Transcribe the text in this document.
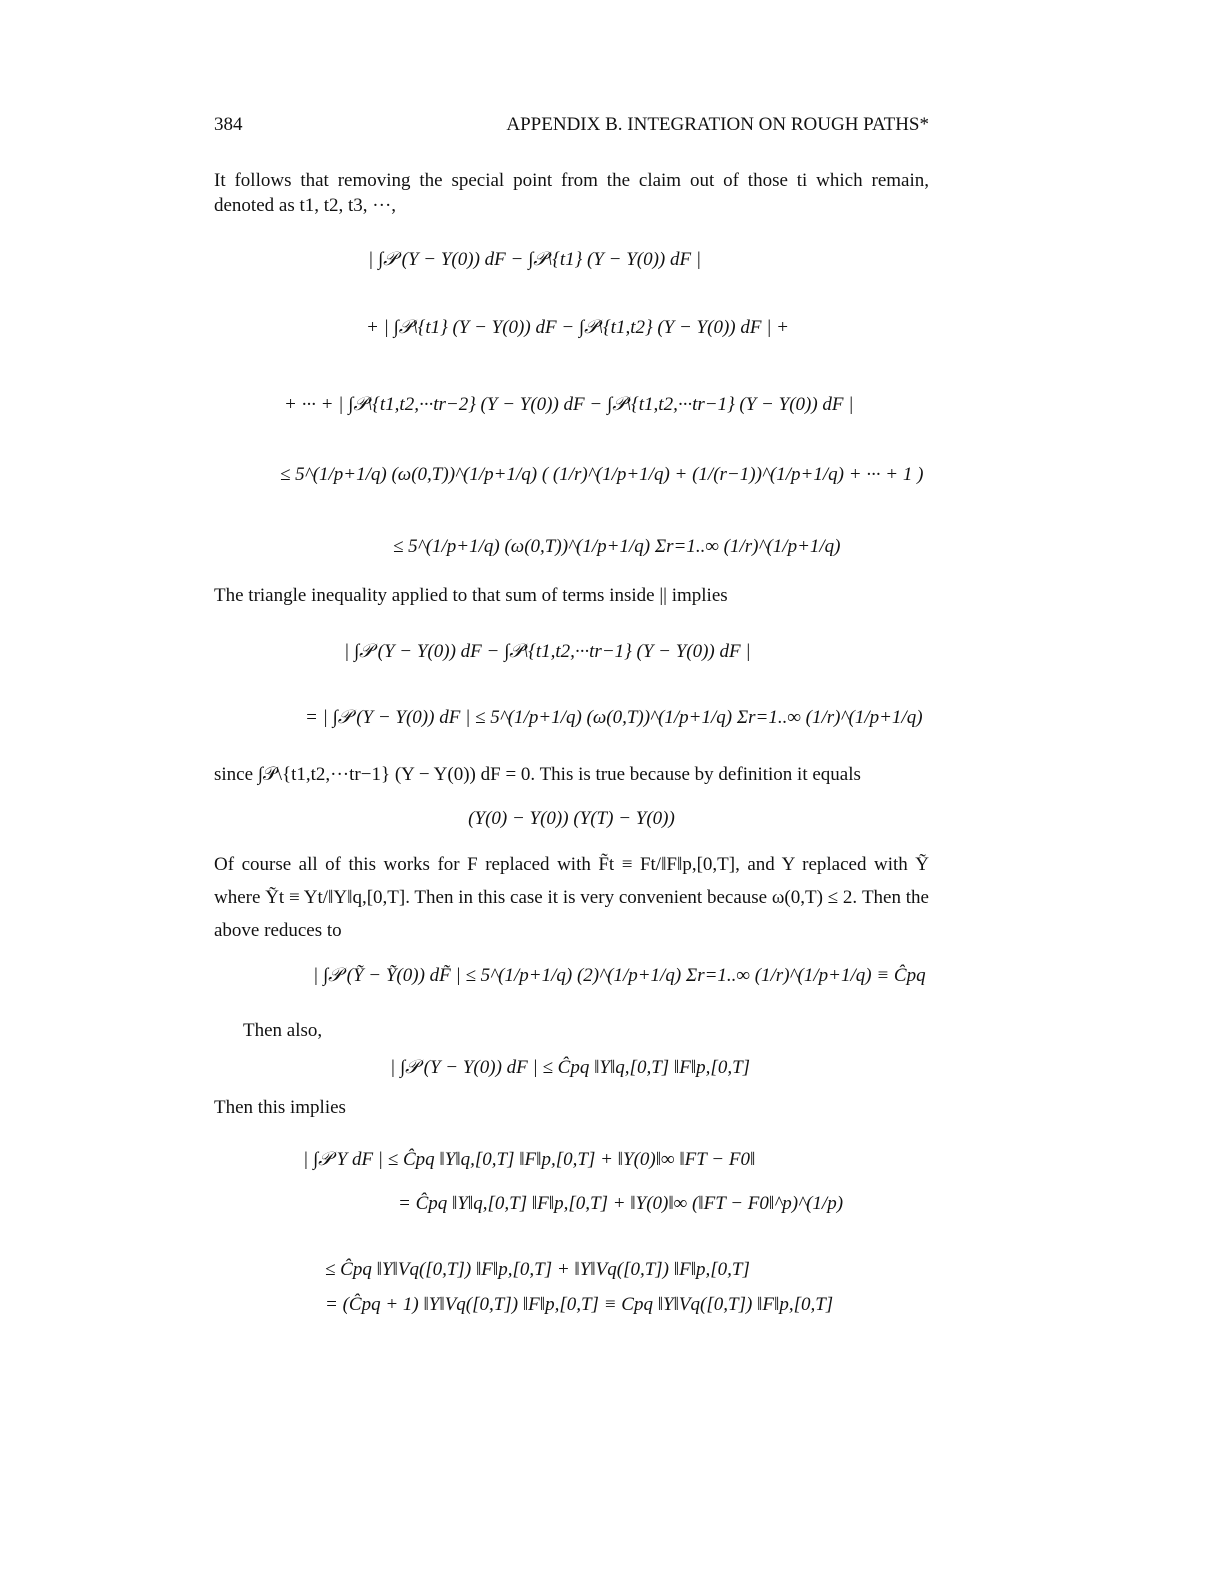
384	APPENDIX B. INTEGRATION ON ROUGH PATHS*
It follows that removing the special point from the claim out of those ti which remain, denoted as t1, t2, t3, ···,
| ∫𝒫 (Y − Y(0)) dF − ∫𝒫\{t1} (Y − Y(0)) dF |
+ | ∫𝒫\{t1} (Y − Y(0)) dF − ∫𝒫\{t1,t2} (Y − Y(0)) dF | +
+ ··· + | ∫𝒫\{t1,t2,···tr−2} (Y − Y(0)) dF − ∫𝒫\{t1,t2,···tr−1} (Y − Y(0)) dF |
≤ 5^(1/p+1/q) (ω(0,T))^(1/p+1/q) ( (1/r)^(1/p+1/q) + (1/(r−1))^(1/p+1/q) + ··· + 1 )
≤ 5^(1/p+1/q) (ω(0,T))^(1/p+1/q) Σr=1..∞ (1/r)^(1/p+1/q)
The triangle inequality applied to that sum of terms inside || implies
| ∫𝒫 (Y − Y(0)) dF − ∫𝒫\{t1,t2,···tr−1} (Y − Y(0)) dF |
= | ∫𝒫 (Y − Y(0)) dF | ≤ 5^(1/p+1/q) (ω(0,T))^(1/p+1/q) Σr=1..∞ (1/r)^(1/p+1/q)
since ∫𝒫\{t1,t2,···tr−1} (Y − Y(0)) dF = 0. This is true because by definition it equals
(Y(0) − Y(0)) (Y(T) − Y(0))
Of course all of this works for F replaced with F̃t ≡ Ft/‖F‖p,[0,T], and Y replaced with Ỹ where Ỹt ≡ Yt/‖Y‖q,[0,T]. Then in this case it is very convenient because ω(0,T) ≤ 2. Then the above reduces to
| ∫𝒫 (Ỹ − Ỹ(0)) dF̃ | ≤ 5^(1/p+1/q) (2)^(1/p+1/q) Σr=1..∞ (1/r)^(1/p+1/q) ≡ Ĉpq
Then also,
| ∫𝒫 (Y − Y(0)) dF | ≤ Ĉpq ‖Y‖q,[0,T] ‖F‖p,[0,T]
Then this implies
| ∫𝒫 Y dF | ≤ Ĉpq ‖Y‖q,[0,T] ‖F‖p,[0,T] + ‖Y(0)‖∞ ‖FT − F0‖
= Ĉpq ‖Y‖q,[0,T] ‖F‖p,[0,T] + ‖Y(0)‖∞ (‖FT − F0‖^p)^(1/p)
≤ Ĉpq ‖Y‖Vq([0,T]) ‖F‖p,[0,T] + ‖Y‖Vq([0,T]) ‖F‖p,[0,T]
= (Ĉpq + 1) ‖Y‖Vq([0,T]) ‖F‖p,[0,T] ≡ Cpq ‖Y‖Vq([0,T]) ‖F‖p,[0,T]
